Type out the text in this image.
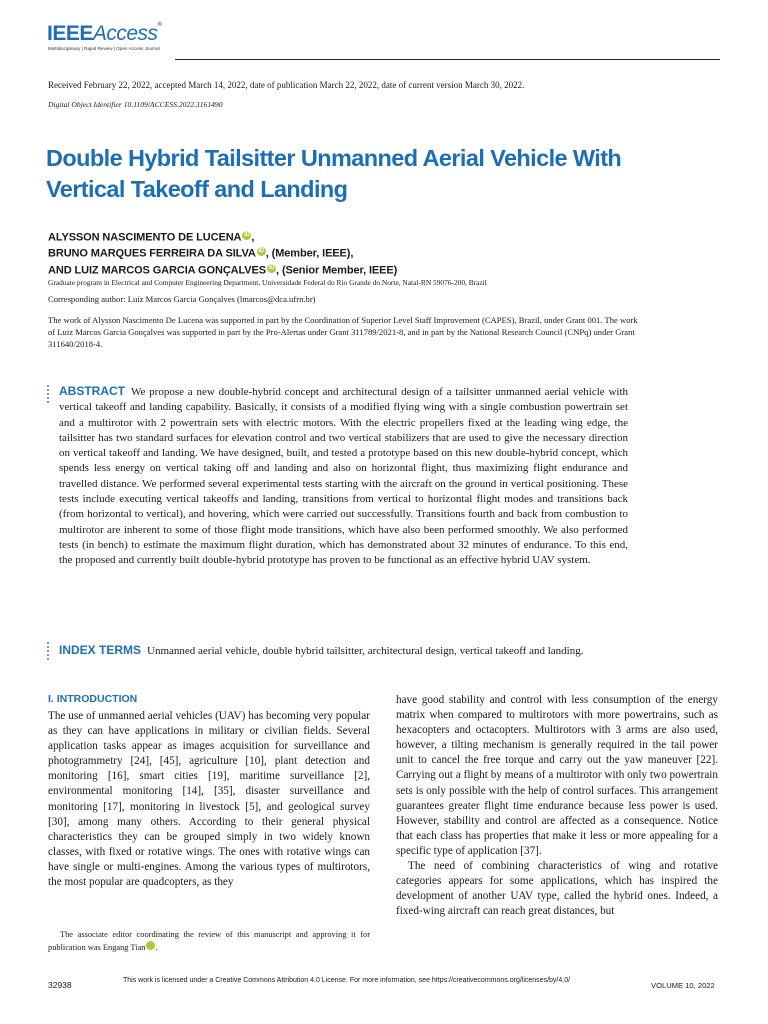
IEEEAccess®
Multidisciplinary | Rapid Review | Open Access Journal
Received February 22, 2022, accepted March 14, 2022, date of publication March 22, 2022, date of current version March 30, 2022.
Digital Object Identifier 10.1109/ACCESS.2022.3161490
Double Hybrid Tailsitter Unmanned Aerial Vehicle With Vertical Takeoff and Landing
ALYSSON NASCIMENTO DE LUCENA iD ,
BRUNO MARQUES FERREIRA DA SILVA iD , (Member, IEEE),
AND LUIZ MARCOS GARCIA GONÇALVES iD , (Senior Member, IEEE)
Graduate program in Electrical and Computer Engineering Department, Universidade Federal do Rio Grande do Norte, Natal-RN 59076-200, Brazil
Corresponding author: Luiz Marcos Garcia Gonçalves (lmarcos@dca.ufrn.br)
The work of Alysson Nascimento De Lucena was supported in part by the Coordination of Superior Level Staff Improvement (CAPES), Brazil, under Grant 001. The work of Luiz Marcos Garcia Gonçalves was supported in part by the Pro-Alertas under Grant 311789/2021-8, and in part by the National Research Council (CNPq) under Grant 311640/2018-4.
ABSTRACT We propose a new double-hybrid concept and architectural design of a tailsitter unmanned aerial vehicle with vertical takeoff and landing capability. Basically, it consists of a modified flying wing with a single combustion powertrain set and a multirotor with 2 powertrain sets with electric motors. With the electric propellers fixed at the leading wing edge, the tailsitter has two standard surfaces for elevation control and two vertical stabilizers that are used to give the necessary direction on vertical takeoff and landing. We have designed, built, and tested a prototype based on this new double-hybrid concept, which spends less energy on vertical taking off and landing and also on horizontal flight, thus maximizing flight endurance and travelled distance. We performed several experimental tests starting with the aircraft on the ground in vertical positioning. These tests include executing vertical takeoffs and landing, transitions from vertical to horizontal flight modes and transitions back (from horizontal to vertical), and hovering, which were carried out successfully. Transitions fourth and back from combustion to multirotor are inherent to some of those flight mode transitions, which have also been performed smoothly. We also performed tests (in bench) to estimate the maximum flight duration, which has demonstrated about 32 minutes of endurance. To this end, the proposed and currently built double-hybrid prototype has proven to be functional as an effective hybrid UAV system.
INDEX TERMS Unmanned aerial vehicle, double hybrid tailsitter, architectural design, vertical takeoff and landing.
I. INTRODUCTION
The use of unmanned aerial vehicles (UAV) has becoming very popular as they can have applications in military or civilian fields. Several application tasks appear as images acquisition for surveillance and photogrammetry [24], [45], agriculture [10], plant detection and monitoring [16], smart cities [19], maritime surveillance [2], environmental monitoring [14], [35], disaster surveillance and monitoring [17], monitoring in livestock [5], and geological survey [30], among many others. According to their general physical characteristics they can be grouped simply in two widely known classes, with fixed or rotative wings. The ones with rotative wings can have single or multi-engines. Among the various types of multirotors, the most popular are quadcopters, as they
have good stability and control with less consumption of the energy matrix when compared to multirotors with more powertrains, such as hexacopters and octacopters. Multirotors with 3 arms are also used, however, a tilting mechanism is generally required in the tail power unit to cancel the free torque and carry out the yaw maneuver [22]. Carrying out a flight by means of a multirotor with only two powertrain sets is only possible with the help of control surfaces. This arrangement guarantees greater flight time endurance because less power is used. However, stability and control are affected as a consequence. Notice that each class has properties that make it less or more appealing for a specific type of application [37].
The need of combining characteristics of wing and rotative categories appears for some applications, which has inspired the development of another UAV type, called the hybrid ones. Indeed, a fixed-wing aircraft can reach great distances, but
The associate editor coordinating the review of this manuscript and approving it for publication was Engang Tian iD.
32938	This work is licensed under a Creative Commons Attribution 4.0 License. For more information, see https://creativecommons.org/licenses/by/4.0/
VOLUME 10, 2022
